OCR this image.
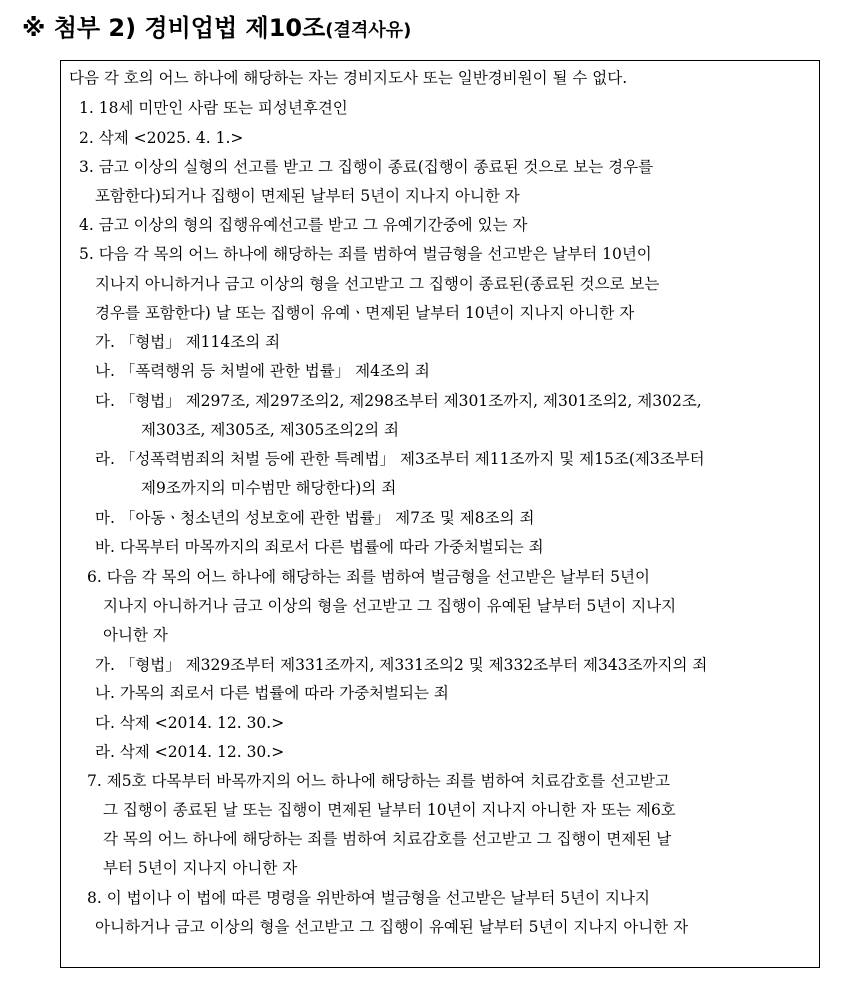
※ 첨부 2) 경비업법 제10조 (결격사유)
다음 각 호의 어느 하나에 해당하는 자는 경비지도사 또는 일반경비원이 될 수 없다.
1. 18세 미만인 사람 또는 피성년후견인
2. 삭제 <2025. 4. 1.>
3. 금고 이상의 실형의 선고를 받고 그 집행이 종료(집행이 종료된 것으로 보는 경우를
포함한다)되거나 집행이 면제된 날부터 5년이 지나지 아니한 자
4. 금고 이상의 형의 집행유예선고를 받고 그 유예기간중에 있는 자
5. 다음 각 목의 어느 하나에 해당하는 죄를 범하여 벌금형을 선고받은 날부터 10년이
지나지 아니하거나 금고 이상의 형을 선고받고 그 집행이 종료된(종료된 것으로 보는
경우를 포함한다) 날 또는 집행이 유예ㆍ면제된 날부터 10년이 지나지 아니한 자
가. 「형법」 제114조의 죄
나. 「폭력행위 등 처벌에 관한 법률」 제4조의 죄
다. 「형법」 제297조, 제297조의2, 제298조부터 제301조까지, 제301조의2, 제302조,
제303조, 제305조, 제305조의2의 죄
라. 「성폭력범죄의 처벌 등에 관한 특례법」 제3조부터 제11조까지 및 제15조(제3조부터
제9조까지의 미수범만 해당한다)의 죄
마. 「아동ㆍ청소년의 성보호에 관한 법률」 제7조 및 제8조의 죄
바. 다목부터 마목까지의 죄로서 다른 법률에 따라 가중처벌되는 죄
6. 다음 각 목의 어느 하나에 해당하는 죄를 범하여 벌금형을 선고받은 날부터 5년이
지나지 아니하거나 금고 이상의 형을 선고받고 그 집행이 유예된 날부터 5년이 지나지
아니한 자
가. 「형법」 제329조부터 제331조까지, 제331조의2 및 제332조부터 제343조까지의 죄
나. 가목의 죄로서 다른 법률에 따라 가중처벌되는 죄
다. 삭제 <2014. 12. 30.>
라. 삭제 <2014. 12. 30.>
7. 제5호 다목부터 바목까지의 어느 하나에 해당하는 죄를 범하여 치료감호를 선고받고
그 집행이 종료된 날 또는 집행이 면제된 날부터 10년이 지나지 아니한 자 또는 제6호
각 목의 어느 하나에 해당하는 죄를 범하여 치료감호를 선고받고 그 집행이 면제된 날
부터 5년이 지나지 아니한 자
8. 이 법이나 이 법에 따른 명령을 위반하여 벌금형을 선고받은 날부터 5년이 지나지
아니하거나 금고 이상의 형을 선고받고 그 집행이 유예된 날부터 5년이 지나지 아니한 자
